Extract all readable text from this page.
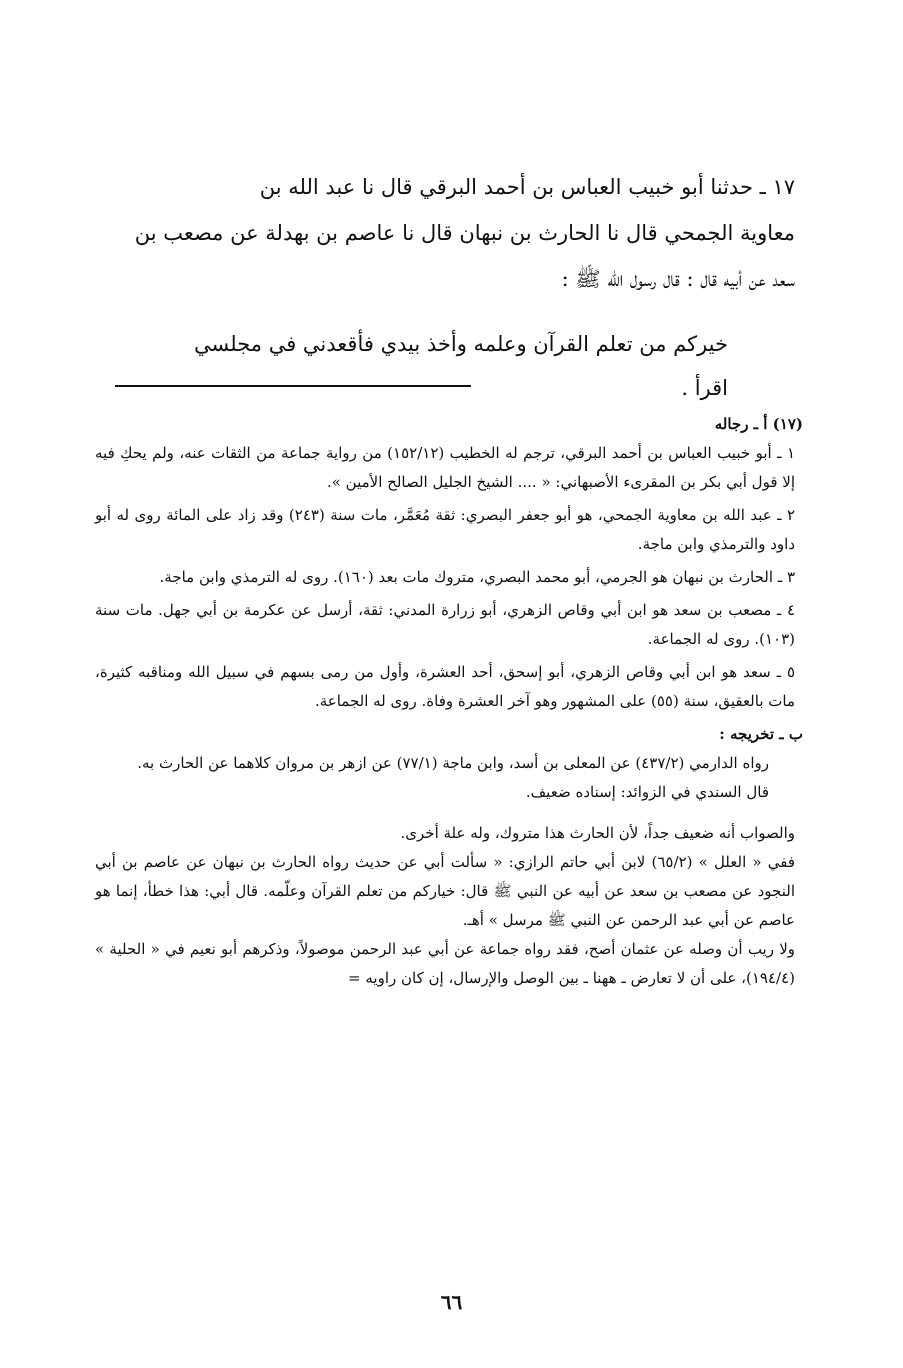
١٧ ـ حدثنا أبو خبيب العباس بن أحمد البرقي قال نا عبد الله بن

معاوية الجمحي قال نا الحارث بن نبهان قال نا عاصم بن بهدلة عن مصعب بن

سعد عن أبيه قال : قال رسول الله ﷺ :

خيركم من تعلم القرآن وعلمه وأخذ بيدي فأقعدني في مجلسي اقرأ .

(١٧) أ ـ رجاله

١ ـ أبو خبيب العباس بن أحمد البرقي، ترجم له الخطيب (١٥٢/١٢) من رواية جماعة من الثقات عنه، ولم يحكِ فيه إلا قول أبي بكر بن المقرىء الأصبهاني: « .... الشيخ الجليل الصالح الأمين ».

٢ ـ عبد الله بن معاوية الجمحي، هو أبو جعفر البصري: ثقة مُعَمَّر، مات سنة (٢٤٣) وقد زاد على المائة روى له أبو داود والترمذي وابن ماجة.

٣ ـ الحارث بن نبهان هو الجرمي، أبو محمد البصري، متروك مات بعد (١٦٠). روى له الترمذي وابن ماجة.

٤ ـ مصعب بن سعد هو ابن أبي وقاص الزهري، أبو زرارة المدني: ثقة، أرسل عن عكرمة بن أبي جهل. مات سنة (١٠٣). روى له الجماعة.

٥ ـ سعد هو ابن أبي وقاص الزهري، أبو إسحق، أحد العشرة، وأول من رمى بسهم في سبيل الله ومناقبه كثيرة، مات بالعقيق، سنة (٥٥) على المشهور وهو آخر العشرة وفاة. روى له الجماعة.

ب ـ تخريجه :

رواه الدارمي (٤٣٧/٢) عن المعلى بن أسد، وابن ماجة (٧٧/١) عن ازهر بن مروان كلاهما عن الحارث به.

قال السندي في الزوائد: إسناده ضعيف.

والصواب أنه ضعيف جداً، لأن الحارث هذا متروك، وله علة أخرى.

ففي « العلل » (٦٥/٢) لابن أبي حاتم الرازي: « سألت أبي عن حديث رواه الحارث بن نبهان عن عاصم بن أبي النجود عن مصعب بن سعد عن أبيه عن النبي ﷺ قال: خياركم من تعلم القرآن وعلّمه. قال أبي: هذا خطأ، إنما هو عاصم عن أبي عبد الرحمن عن النبي ﷺ مرسل » أهـ.

ولا ريب أن وصله عن عثمان أصح، فقد رواه جماعة عن أبي عبد الرحمن موصولاً، وذكرهم أبو نعيم في « الحلية » (١٩٤/٤)، على أن لا تعارض ـ ههنا ـ بين الوصل والإرسال، إن كان راويه =

٦٦
